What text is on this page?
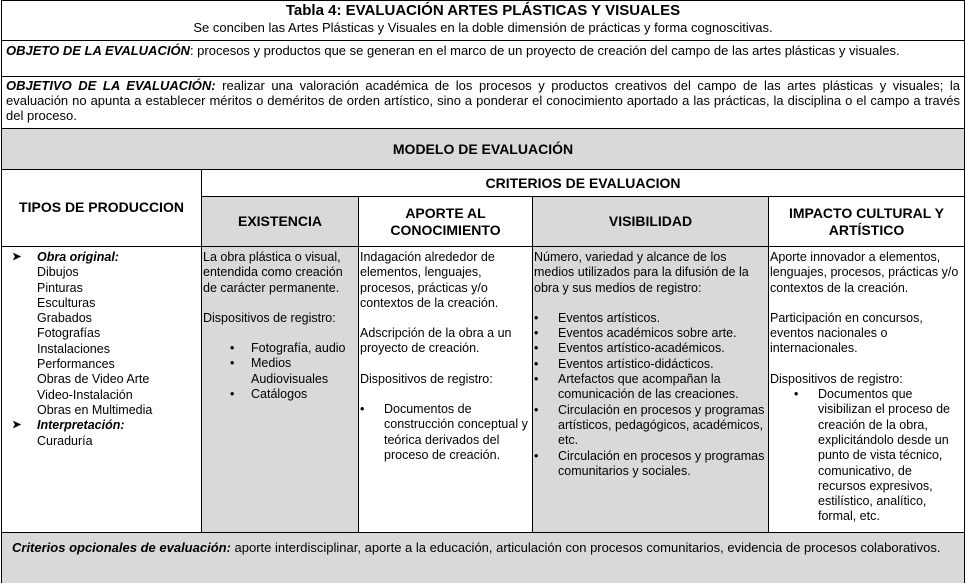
Tabla 4: EVALUACIÓN ARTES PLÁSTICAS Y VISUALES
Se conciben las Artes Plásticas y Visuales en la doble dimensión de prácticas y forma cognoscitivas.
OBJETO DE LA EVALUACIÓN: procesos y productos que se generan en el marco de un proyecto de creación del campo de las artes plásticas y visuales.
OBJETIVO DE LA EVALUACIÓN: realizar una valoración académica de los procesos y productos creativos del campo de las artes plásticas y visuales; la evaluación no apunta a establecer méritos o deméritos de orden artístico, sino a ponderar el conocimiento aportado a las prácticas, la disciplina o el campo a través del proceso.
MODELO DE EVALUACIÓN
TIPOS DE PRODUCCION
CRITERIOS DE EVALUACION
EXISTENCIA
APORTE AL CONOCIMIENTO
VISIBILIDAD
IMPACTO CULTURAL Y ARTÍSTICO
➤ Obra original:
Dibujos
Pinturas
Esculturas
Grabados
Fotografías
Instalaciones
Performances
Obras de Video Arte
Video-Instalación
Obras en Multimedia
➤ Interpretación:
Curaduría

La obra plástica o visual, entendida como creación de carácter permanente.

Dispositivos de registro:

• Fotografía, audio
• Medios Audiovisuales
• Catálogos

Indagación alrededor de elementos, lenguajes, procesos, prácticas y/o contextos de la creación.

Adscripción de la obra a un proyecto de creación.

Dispositivos de registro:

• Documentos de construcción conceptual y teórica derivados del proceso de creación.

Número, variedad y alcance de los medios utilizados para la difusión de la obra y sus medios de registro:

• Eventos artísticos.
• Eventos académicos sobre arte.
• Eventos artístico-académicos.
• Eventos artístico-didácticos.
• Artefactos que acompañan la comunicación de las creaciones.
• Circulación en procesos y programas artísticos, pedagógicos, académicos, etc.
• Circulación en procesos y programas comunitarios y sociales.

Aporte innovador a elementos, lenguajes, procesos, prácticas y/o contextos de la creación.

Participación en concursos, eventos nacionales o internacionales.

Dispositivos de registro:

• Documentos que visibilizan el proceso de creación de la obra, explicitándolo desde un punto de vista técnico, comunicativo, de recursos expresivos, estilístico, analítico, formal, etc.
Criterios opcionales de evaluación: aporte interdisciplinar, aporte a la educación, articulación con procesos comunitarios, evidencia de procesos colaborativos.
